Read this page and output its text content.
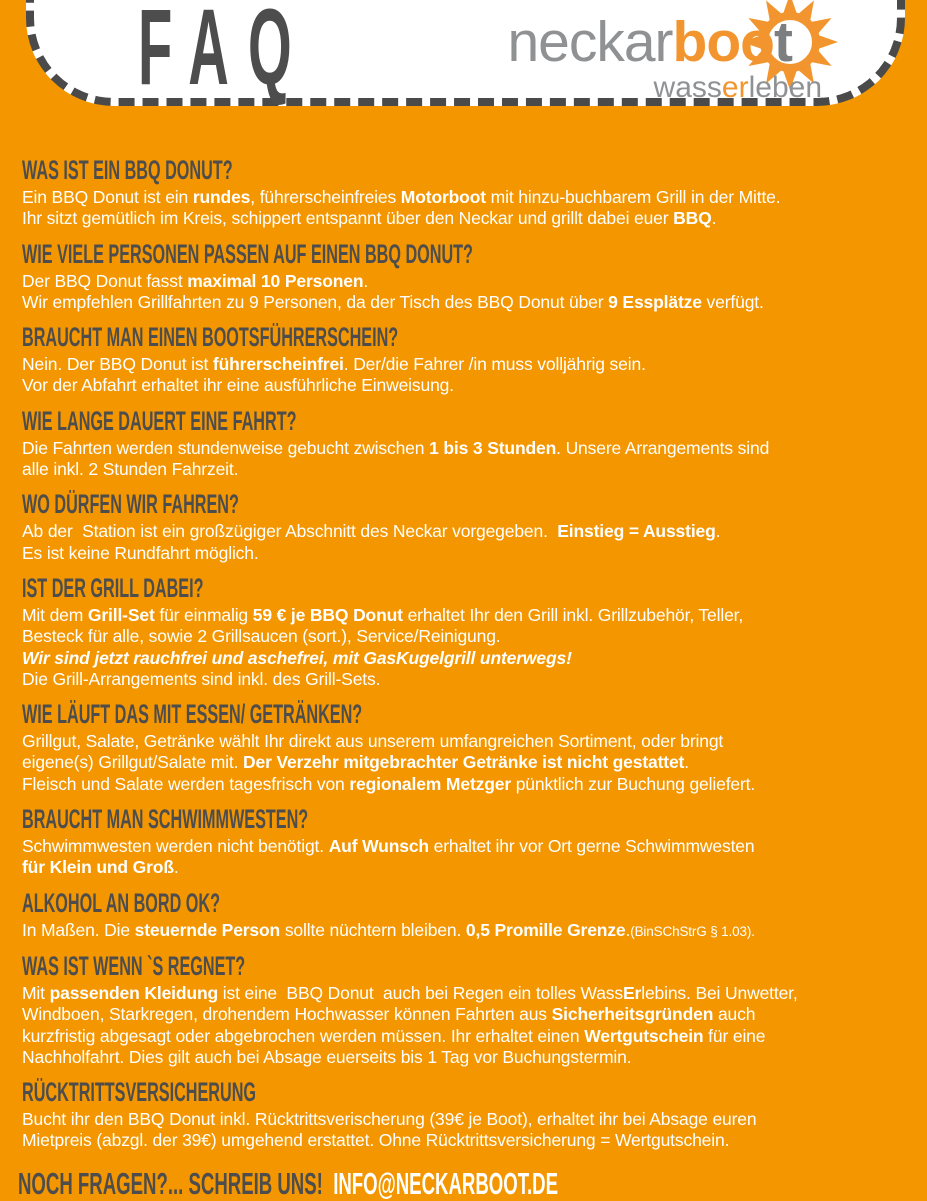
FAQ	neckarboot
wasserleben
WAS IST EIN BBQ DONUT?

Ein BBQ Donut ist ein rundes, führerscheinfreies Motorboot mit hinzu-buchbarem Grill in der Mitte.

Ihr sitzt gemütlich im Kreis, schippert entspannt über den Neckar und grillt dabei euer BBQ.

WIE VIELE PERSONEN PASSEN AUF EINEN BBQ DONUT?

Der BBQ Donut fasst maximal 10 Personen.

Wir empfehlen Grillfahrten zu 9 Personen, da der Tisch des BBQ Donut über 9 Essplätze verfügt.

BRAUCHT MAN EINEN BOOTSFÜHRERSCHEIN?

Nein. Der BBQ Donut ist führerscheinfrei. Der/die Fahrer /in muss volljährig sein.

Vor der Abfahrt erhaltet ihr eine ausführliche Einweisung.

WIE LANGE DAUERT EINE FAHRT?

Die Fahrten werden stundenweise gebucht zwischen 1 bis 3 Stunden. Unsere Arrangements sind

alle inkl. 2 Stunden Fahrzeit.

WO DÜRFEN WIR FAHREN?

Ab der  Station ist ein großzügiger Abschnitt des Neckar vorgegeben.  Einstieg = Ausstieg.

Es ist keine Rundfahrt möglich.

IST DER GRILL DABEI?

Mit dem Grill-Set für einmalig 59 € je BBQ Donut erhaltet Ihr den Grill inkl. Grillzubehör, Teller,

Besteck für alle, sowie 2 Grillsaucen (sort.), Service/Reinigung.

Wir sind jetzt rauchfrei und aschefrei, mit GasKugelgrill unterwegs!

Die Grill-Arrangements sind inkl. des Grill-Sets.

WIE LÄUFT DAS MIT ESSEN/ GETRÄNKEN?

Grillgut, Salate, Getränke wählt Ihr direkt aus unserem umfangreichen Sortiment, oder bringt

eigene(s) Grillgut/Salate mit. Der Verzehr mitgebrachter Getränke ist nicht gestattet.

Fleisch und Salate werden tagesfrisch von regionalem Metzger pünktlich zur Buchung geliefert.

BRAUCHT MAN SCHWIMMWESTEN?

Schwimmwesten werden nicht benötigt. Auf Wunsch erhaltet ihr vor Ort gerne Schwimmwesten

für Klein und Groß.

ALKOHOL AN BORD OK?

In Maßen. Die steuernde Person sollte nüchtern bleiben. 0,5 Promille Grenze.(BinSChStrG § 1.03).

WAS IST WENN `S REGNET?

Mit passenden Kleidung ist eine  BBQ Donut  auch bei Regen ein tolles WassErlebins. Bei Unwetter,

Windboen, Starkregen, drohendem Hochwasser können Fahrten aus Sicherheitsgründen auch

kurzfristig abgesagt oder abgebrochen werden müssen. Ihr erhaltet einen Wertgutschein für eine

Nachholfahrt. Dies gilt auch bei Absage euerseits bis 1 Tag vor Buchungstermin.

RÜCKTRITTSVERSICHERUNG

Bucht ihr den BBQ Donut inkl. Rücktrittsverischerung (39€ je Boot), erhaltet ihr bei Absage euren

Mietpreis (abzgl. der 39€) umgehend erstattet. Ohne Rücktrittsversicherung = Wertgutschein.

NOCH FRAGEN?... SCHREIB UNS! INFO@NECKARBOOT.DE
